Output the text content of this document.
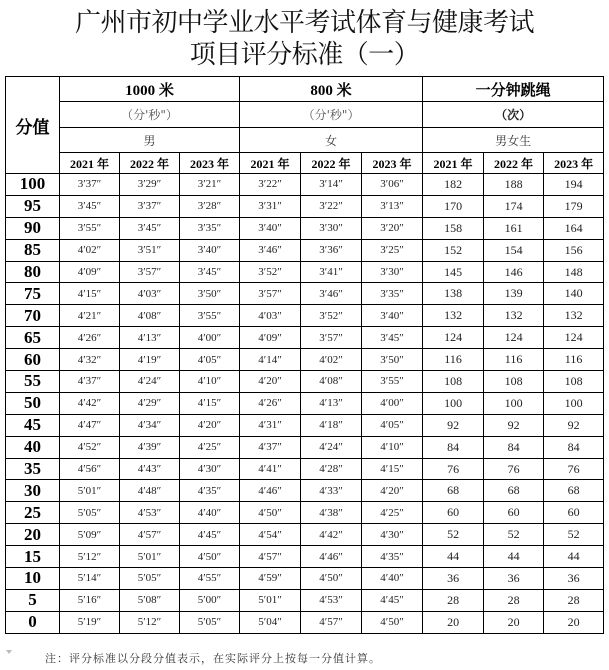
广州市初中学业水平考试体育与健康考试
项目评分标准（一）
分值	1000 米			800 米			一分钟跳绳		
	（分'秒"）			（分'秒"）			（次）		
	男			女			男女生		
	2021 年	2022 年	2023 年	2021 年	2022 年	2023 年	2021 年	2022 年	2023 年
100	3′37″	3′29″	3′21″	3′22″	3′14″	3′06″	182	188	194
95	3′45″	3′37″	3′28″	3′31″	3′22″	3′13″	170	174	179
90	3′55″	3′45″	3′35″	3′40″	3′30″	3′20″	158	161	164
85	4′02″	3′51″	3′40″	3′46″	3′36″	3′25″	152	154	156
80	4′09″	3′57″	3′45″	3′52″	3′41″	3′30″	145	146	148
75	4′15″	4′03″	3′50″	3′57″	3′46″	3′35″	138	139	140
70	4′21″	4′08″	3′55″	4′03″	3′52″	3′40″	132	132	132
65	4′26″	4′13″	4′00″	4′09″	3′57″	3′45″	124	124	124
60	4′32″	4′19″	4′05″	4′14″	4′02″	3′50″	116	116	116
55	4′37″	4′24″	4′10″	4′20″	4′08″	3′55″	108	108	108
50	4′42″	4′29″	4′15″	4′26″	4′13″	4′00″	100	100	100
45	4′47″	4′34″	4′20″	4′31″	4′18″	4′05″	92	92	92
40	4′52″	4′39″	4′25″	4′37″	4′24″	4′10″	84	84	84
35	4′56″	4′43″	4′30″	4′41″	4′28″	4′15″	76	76	76
30	5′01″	4′48″	4′35″	4′46″	4′33″	4′20″	68	68	68
25	5′05″	4′53″	4′40″	4′50″	4′38″	4′25″	60	60	60
20	5′09″	4′57″	4′45″	4′54″	4′42″	4′30″	52	52	52
15	5′12″	5′01″	4′50″	4′57″	4′46″	4′35″	44	44	44
10	5′14″	5′05″	4′55″	4′59″	4′50″	4′40″	36	36	36
5	5′16″	5′08″	5′00″	5′01″	4′53″	4′45″	28	28	28
0	5′19″	5′12″	5′05″	5′04″	4′57″	4′50″	20	20	20
注：评分标准以分段分值表示，在实际评分上按每一分值计算。
